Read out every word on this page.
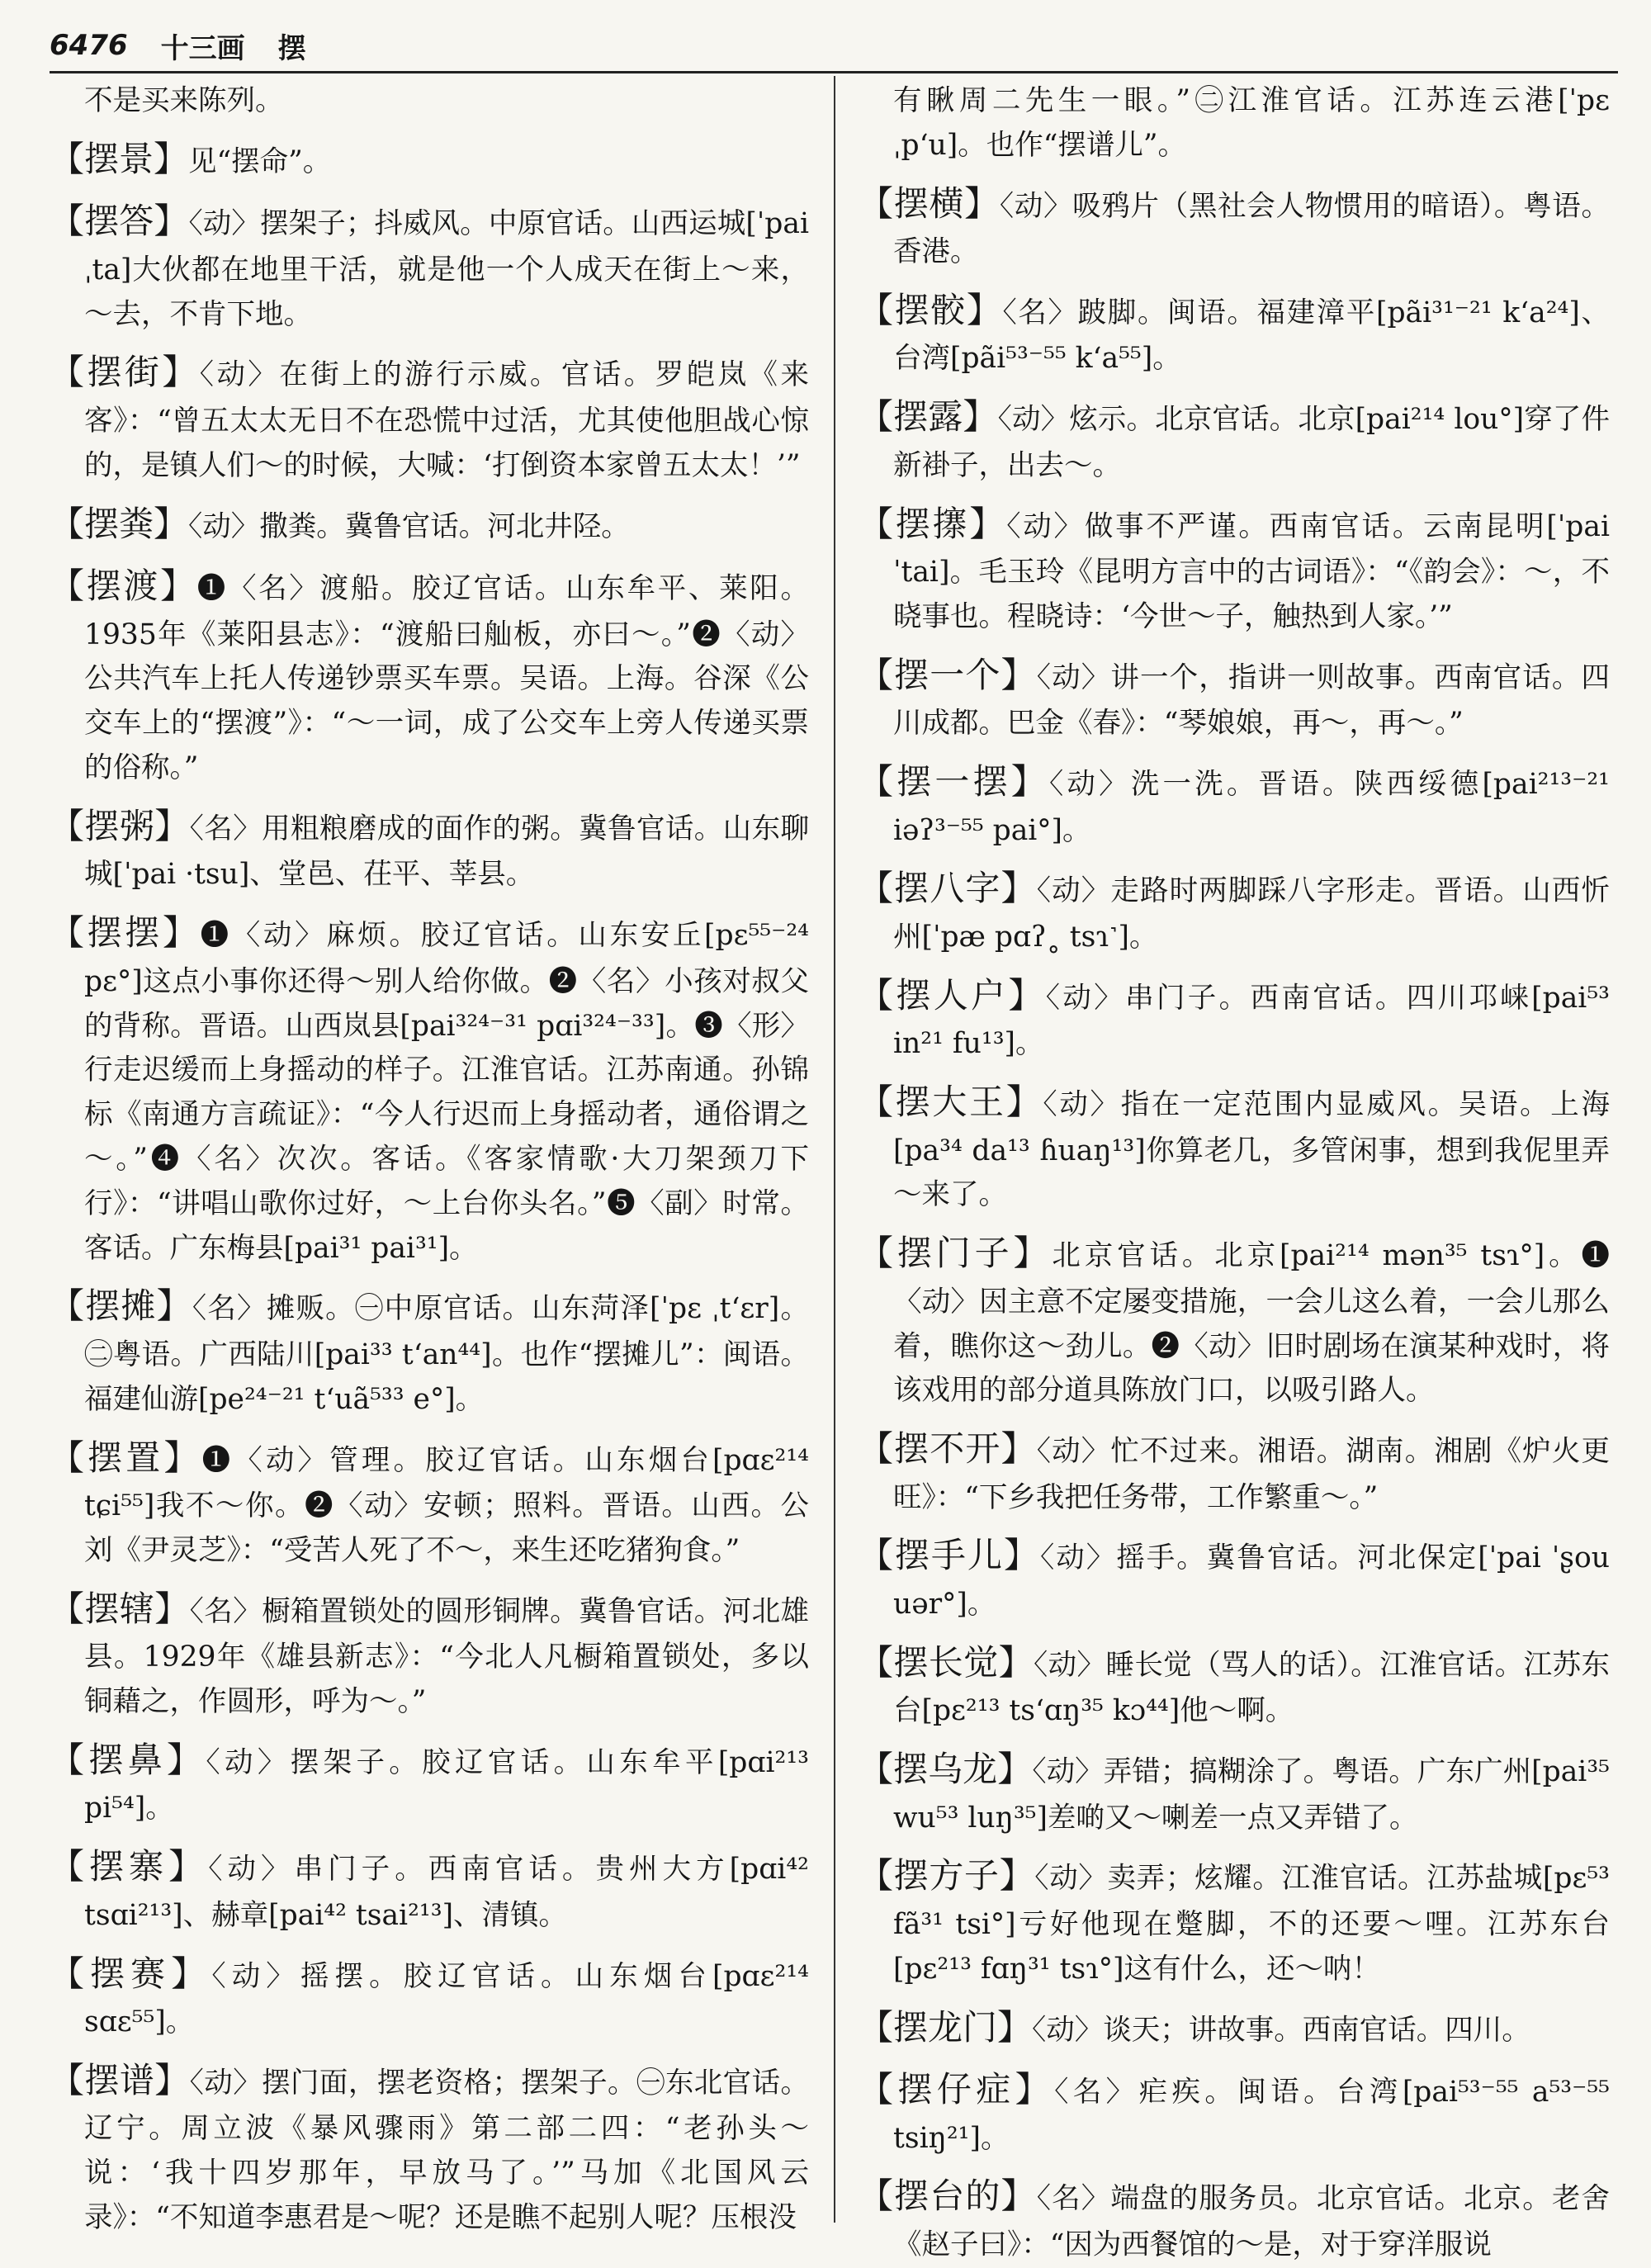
6476 十三画 摆

不是买来陈列。

【摆景】见“摆命”。

【摆答】〈动〉摆架子；抖威风。中原官话。山西运城[ˈpai ˌta]大伙都在地里干活，就是他一个人成天在街上～来，～去，不肯下地。

【摆街】〈动〉在街上的游行示威。官话。罗皑岚《来客》：“曾五太太无日不在恐慌中过活，尤其使他胆战心惊的，是镇人们～的时候，大喊：‘打倒资本家曾五太太！’”

【摆粪】〈动〉撒粪。冀鲁官话。河北井陉。

【摆渡】❶〈名〉渡船。胶辽官话。山东牟平、莱阳。1935年《莱阳县志》：“渡船曰舢板，亦曰～。”❷〈动〉公共汽车上托人传递钞票买车票。吴语。上海。谷深《公交车上的“摆渡”》：“～一词，成了公交车上旁人传递买票的俗称。”

【摆粥】〈名〉用粗粮磨成的面作的粥。冀鲁官话。山东聊城[ˈpai ·tsu]、堂邑、茌平、莘县。

【摆摆】❶〈动〉麻烦。胶辽官话。山东安丘[pɛ⁵⁵⁻²⁴ pɛ°]这点小事你还得～别人给你做。❷〈名〉小孩对叔父的背称。晋语。山西岚县[pai³²⁴⁻³¹ pɑi³²⁴⁻³³]。❸〈形〉行走迟缓而上身摇动的样子。江淮官话。江苏南通。孙锦标《南通方言疏证》：“今人行迟而上身摇动者，通俗谓之～。”❹〈名〉次次。客话。《客家情歌·大刀架颈刀下行》：“讲唱山歌你过好，～上台你头名。”❺〈副〉时常。客话。广东梅县[pai³¹ pai³¹]。

【摆摊】〈名〉摊贩。㊀中原官话。山东菏泽[ˈpɛ ˌtʻɛr]。㊁粤语。广西陆川[pai³³ tʻan⁴⁴]。也作“摆摊儿”：闽语。福建仙游[pe²⁴⁻²¹ tʻuã⁵³³ e°]。

【摆置】❶〈动〉管理。胶辽官话。山东烟台[pɑɛ²¹⁴ tɕi⁵⁵]我不～你。❷〈动〉安顿；照料。晋语。山西。公刘《尹灵芝》：“受苦人死了不～，来生还吃猪狗食。”

【摆辖】〈名〉橱箱置锁处的圆形铜牌。冀鲁官话。河北雄县。1929年《雄县新志》：“今北人凡橱箱置锁处，多以铜藉之，作圆形，呼为～。”

【摆鼻】〈动〉摆架子。胶辽官话。山东牟平[pɑi²¹³ pi⁵⁴]。

【摆寨】〈动〉串门子。西南官话。贵州大方[pɑi⁴² tsɑi²¹³]、赫章[pai⁴² tsai²¹³]、清镇。

【摆赛】〈动〉摇摆。胶辽官话。山东烟台[pɑɛ²¹⁴ sɑɛ⁵⁵]。

【摆谱】〈动〉摆门面，摆老资格；摆架子。㊀东北官话。辽宁。周立波《暴风骤雨》第二部二四：“老孙头～说：‘我十四岁那年，早放马了。’”马加《北国风云录》：“不知道李惠君是～呢？还是瞧不起别人呢？压根没

有瞅周二先生一眼。”㊁江淮官话。江苏连云港[ˈpɛ ˌpʻu]。也作“摆谱儿”。

【摆横】〈动〉吸鸦片（黑社会人物惯用的暗语）。粤语。香港。

【摆骹】〈名〉跛脚。闽语。福建漳平[pãi³¹⁻²¹ kʻa²⁴]、台湾[pãi⁵³⁻⁵⁵ kʻa⁵⁵]。

【摆露】〈动〉炫示。北京官话。北京[pai²¹⁴ lou°]穿了件新褂子，出去～。

【摆㩟】〈动〉做事不严谨。西南官话。云南昆明[ˈpai ˈtai]。毛玉玲《昆明方言中的古词语》：“《韵会》：～，不晓事也。程晓诗：‘今世～子，触热到人家。’”

【摆一个】〈动〉讲一个，指讲一则故事。西南官话。四川成都。巴金《春》：“琴娘娘，再～，再～。”

【摆一摆】〈动〉洗一洗。晋语。陕西绥德[pai²¹³⁻²¹ iəʔ³⁻⁵⁵ pai°]。

【摆八字】〈动〉走路时两脚踩八字形走。晋语。山西忻州[ˈpæ pɑʔ˳ tsɿ˺]。

【摆人户】〈动〉串门子。西南官话。四川邛崃[pai⁵³ in²¹ fu¹³]。

【摆大王】〈动〉指在一定范围内显威风。吴语。上海[pa³⁴ da¹³ ɦuaŋ¹³]你算老几，多管闲事，想到我伲里弄～来了。

【摆门子】北京官话。北京[pai²¹⁴ mən³⁵ tsɿ°]。❶〈动〉因主意不定屡变措施，一会儿这么着，一会儿那么着，瞧你这～劲儿。❷〈动〉旧时剧场在演某种戏时，将该戏用的部分道具陈放门口，以吸引路人。

【摆不开】〈动〉忙不过来。湘语。湖南。湘剧《炉火更旺》：“下乡我把任务带，工作繁重～。”

【摆手儿】〈动〉摇手。冀鲁官话。河北保定[ˈpai ˈʂou uər°]。

【摆长觉】〈动〉睡长觉（骂人的话）。江淮官话。江苏东台[pɛ²¹³ tsʻɑŋ³⁵ kɔ⁴⁴]他～啊。

【摆乌龙】〈动〉弄错；搞糊涂了。粤语。广东广州[pai³⁵ wu⁵³ luŋ³⁵]差啲又～喇差一点又弄错了。

【摆方子】〈动〉卖弄；炫耀。江淮官话。江苏盐城[pɛ⁵³ fã³¹ tsi°]亏好他现在蹩脚，不的还要～哩。江苏东台[pɛ²¹³ fɑŋ³¹ tsɿ°]这有什么，还～呐！

【摆龙门】〈动〉谈天；讲故事。西南官话。四川。

【摆仔症】〈名〉疟疾。闽语。台湾[pai⁵³⁻⁵⁵ a⁵³⁻⁵⁵ tsiŋ²¹]。

【摆台的】〈名〉端盘的服务员。北京官话。北京。老舍《赵子曰》：“因为西餐馆的～是，对于穿洋服说
